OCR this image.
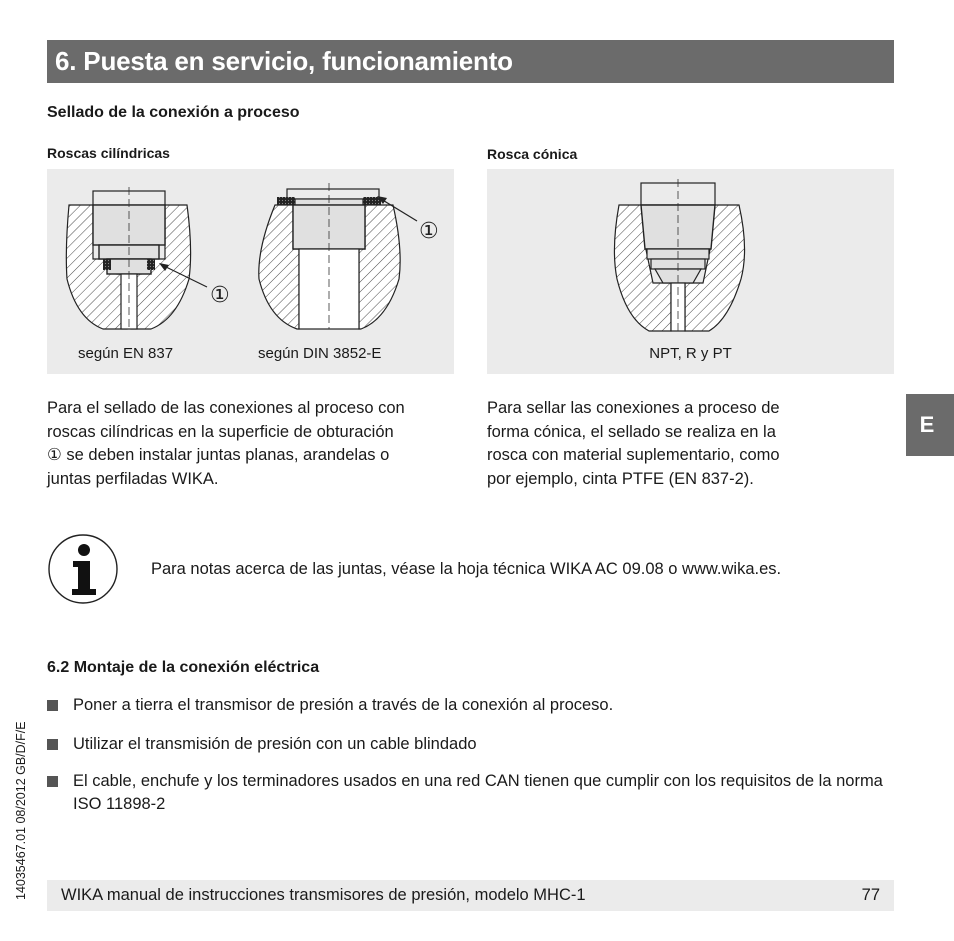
6. Puesta en servicio, funcionamiento
Sellado de la conexión a proceso
Roscas cilíndricas	Rosca cónica
①
①
según EN 837	según DIN 3852-E	NPT, R y PT
Para el sellado de las conexiones al proceso con
roscas cilíndricas en la superficie de obturación
① se deben instalar juntas planas, arandelas o
juntas perfiladas WIKA.
Para sellar las conexiones a proceso de
forma cónica, el sellado se realiza en la
rosca con material suplementario, como
por ejemplo, cinta PTFE (EN 837-2).
E
Para notas acerca de las juntas, véase la hoja técnica WIKA AC 09.08 o www.wika.es.
6.2 Montaje de la conexión eléctrica
Poner a tierra el transmisor de presión a través de la conexión al proceso.
Utilizar el transmisión de presión con un cable blindado
El cable, enchufe y los terminadores usados en una red CAN tienen que cumplir con los requisitos de la norma ISO 11898-2
14035467.01 08/2012 GB/D/F/E WIKA manual de instrucciones transmisores de presión, modelo MHC-1	77
